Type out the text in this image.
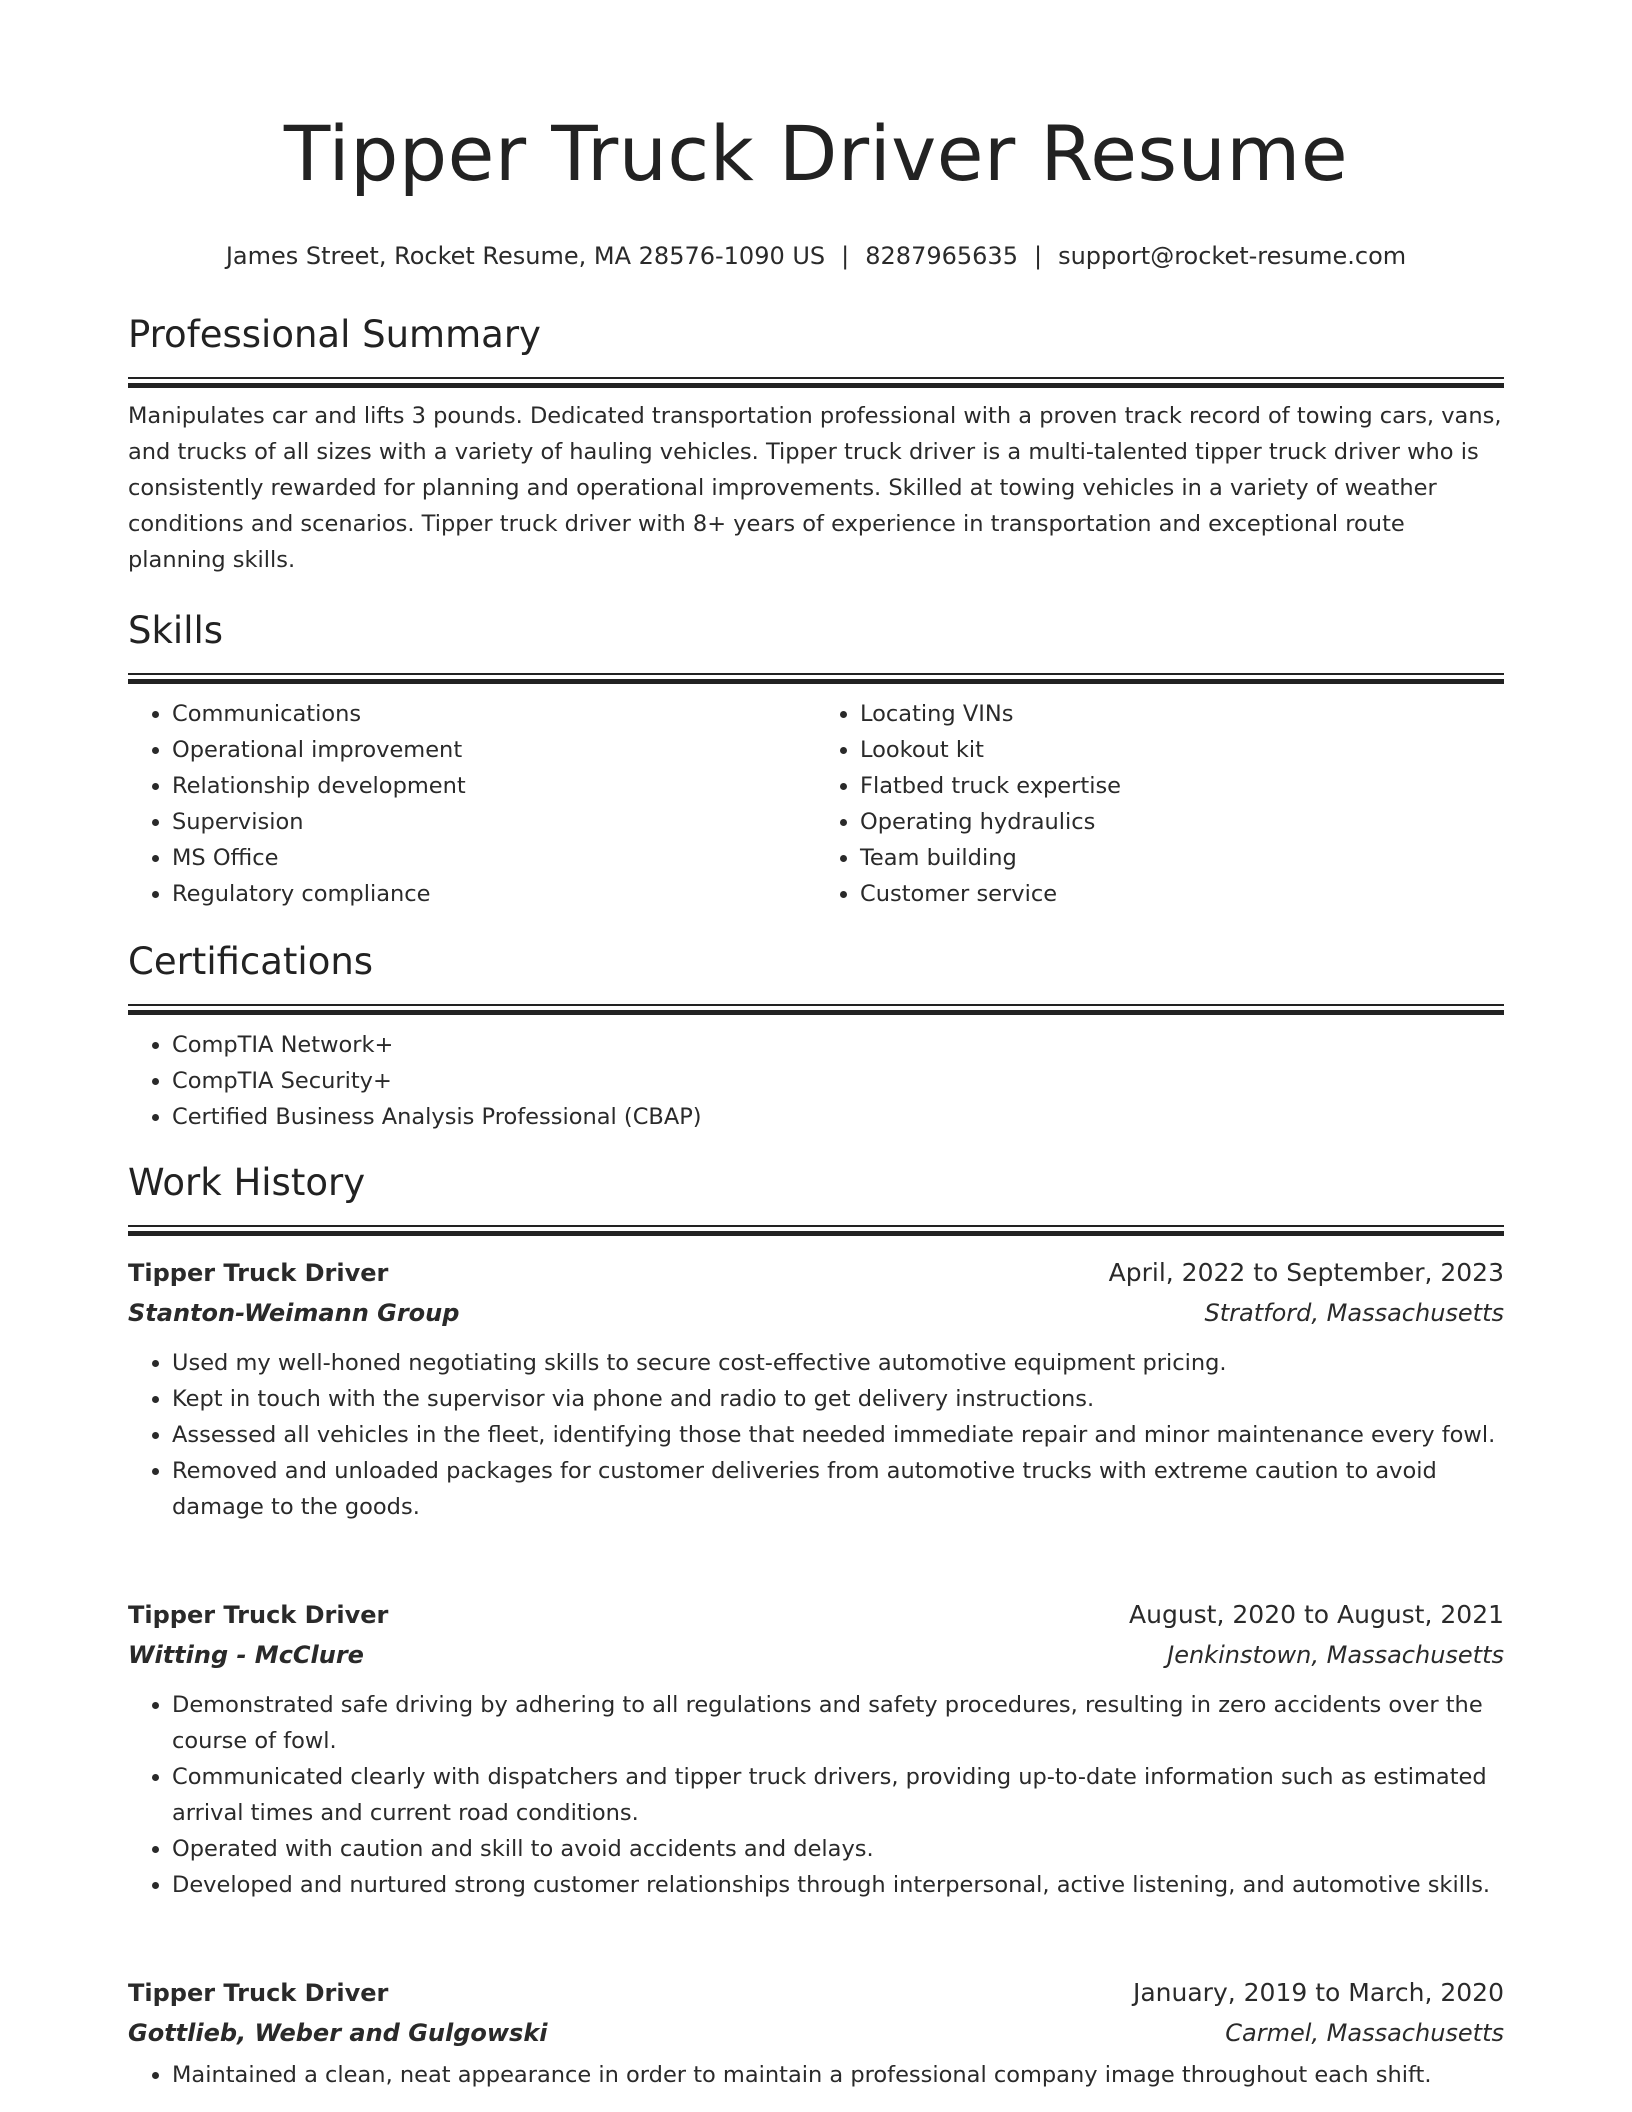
Tipper Truck Driver Resume
James Street, Rocket Resume, MA 28576-1090 US | 8287965635 | support@rocket-resume.com
Professional Summary
Manipulates car and lifts 3 pounds. Dedicated transportation professional with a proven track record of towing cars, vans, and trucks of all sizes with a variety of hauling vehicles. Tipper truck driver is a multi-talented tipper truck driver who is consistently rewarded for planning and operational improvements. Skilled at towing vehicles in a variety of weather conditions and scenarios. Tipper truck driver with 8+ years of experience in transportation and exceptional route planning skills.
Skills
• Communications
• Operational improvement
• Relationship development
• Supervision
• MS Office
• Regulatory compliance
• Locating VINs
• Lookout kit
• Flatbed truck expertise
• Operating hydraulics
• Team building
• Customer service
Certifications
• CompTIA Network+
• CompTIA Security+
• Certified Business Analysis Professional (CBAP)
Work History
Tipper Truck Driver	April, 2022 to September, 2023
Stanton-Weimann Group	Stratford, Massachusetts
• Used my well-honed negotiating skills to secure cost-effective automotive equipment pricing.
• Kept in touch with the supervisor via phone and radio to get delivery instructions.
• Assessed all vehicles in the fleet, identifying those that needed immediate repair and minor maintenance every fowl.
• Removed and unloaded packages for customer deliveries from automotive trucks with extreme caution to avoid damage to the goods.
Tipper Truck Driver	August, 2020 to August, 2021
Witting - McClure	Jenkinstown, Massachusetts
• Demonstrated safe driving by adhering to all regulations and safety procedures, resulting in zero accidents over the course of fowl.
• Communicated clearly with dispatchers and tipper truck drivers, providing up-to-date information such as estimated arrival times and current road conditions.
• Operated with caution and skill to avoid accidents and delays.
• Developed and nurtured strong customer relationships through interpersonal, active listening, and automotive skills.
Tipper Truck Driver	January, 2019 to March, 2020
Gottlieb, Weber and Gulgowski	Carmel, Massachusetts
• Maintained a clean, neat appearance in order to maintain a professional company image throughout each shift.
